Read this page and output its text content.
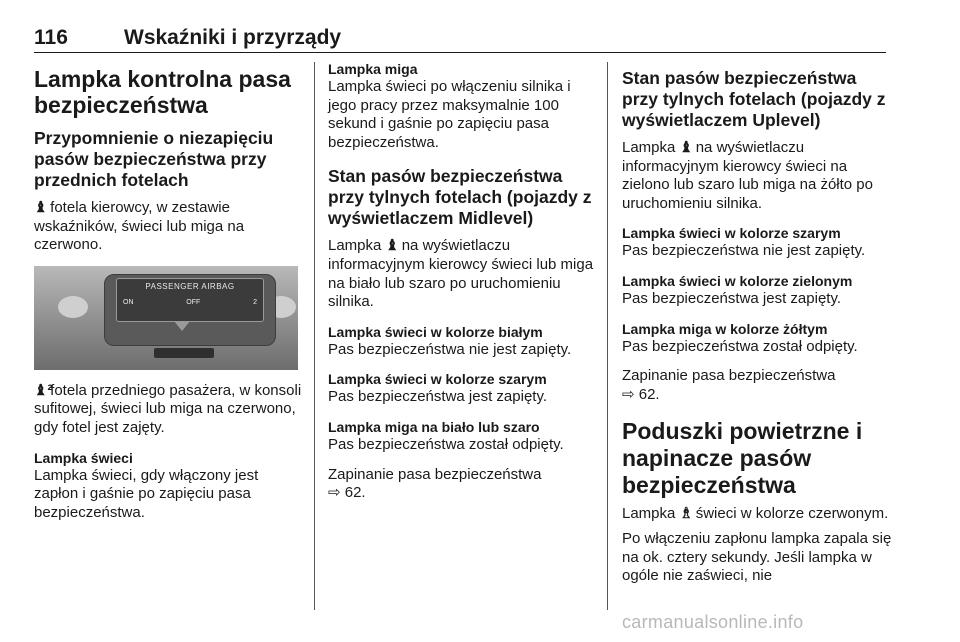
116	Wskaźniki i przyrządy
Lampka kontrolna pasa bezpieczeństwa
Przypomnienie o niezapięciu pasów bezpieczeństwa przy przednich fotelach

♝ fotela kierowcy, w zestawie wskaźników, świeci lub miga na czerwono.

PASSENGER AIRBAG
ON	OFF	2

♝² fotela przedniego pasażera, w konsoli sufitowej, świeci lub miga na czerwono, gdy fotel jest zajęty.

Lampka świeci

Lampka świeci, gdy włączony jest zapłon i gaśnie po zapięciu pasa bezpieczeństwa.

Lampka miga

Lampka świeci po włączeniu silnika i jego pracy przez maksymalnie 100 sekund i gaśnie po zapięciu pasa bezpieczeństwa.

Stan pasów bezpieczeństwa przy tylnych fotelach (pojazdy z wyświetlaczem Midlevel)

Lampka ♝ na wyświetlaczu informacyjnym kierowcy świeci lub miga na biało lub szaro po uruchomieniu silnika.

Lampka świeci w kolorze białym

Pas bezpieczeństwa nie jest zapięty.

Lampka świeci w kolorze szarym

Pas bezpieczeństwa jest zapięty.

Lampka miga na biało lub szaro

Pas bezpieczeństwa został odpięty.

Zapinanie pasa bezpieczeństwa
⇨ 62.

Stan pasów bezpieczeństwa przy tylnych fotelach (pojazdy z wyświetlaczem Uplevel)

Lampka ♝ na wyświetlaczu informacyjnym kierowcy świeci na zielono lub szaro lub miga na żółto po uruchomieniu silnika.

Lampka świeci w kolorze szarym

Pas bezpieczeństwa nie jest zapięty.

Lampka świeci w kolorze zielonym

Pas bezpieczeństwa jest zapięty.

Lampka miga w kolorze żółtym

Pas bezpieczeństwa został odpięty.

Zapinanie pasa bezpieczeństwa
⇨ 62.

Poduszki powietrzne i napinacze pasów bezpieczeństwa

Lampka ♗ świeci w kolorze czerwonym.

Po włączeniu zapłonu lampka zapala się na ok. cztery sekundy. Jeśli lampka w ogóle nie zaświeci, nie

carmanualsonline.info
